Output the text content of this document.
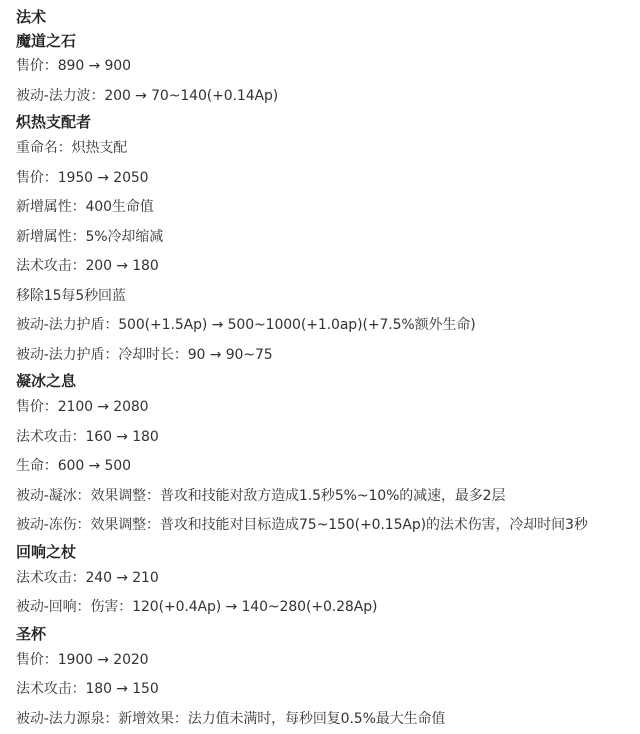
法术
魔道之石
售价：890 → 900
被动-法力波：200 → 70~140(+0.14Ap)
炽热支配者
重命名：炽热支配
售价：1950 → 2050
新增属性：400生命值
新增属性：5%冷却缩减
法术攻击：200 → 180
移除15每5秒回蓝
被动-法力护盾：500(+1.5Ap) → 500~1000(+1.0ap)(+7.5%额外生命)
被动-法力护盾：冷却时长：90 → 90~75
凝冰之息
售价：2100 → 2080
法术攻击：160 → 180
生命：600 → 500
被动-凝冰：效果调整：普攻和技能对敌方造成1.5秒5%~10%的减速，最多2层
被动-冻伤：效果调整：普攻和技能对目标造成75~150(+0.15Ap)的法术伤害，冷却时间3秒
回响之杖
法术攻击：240 → 210
被动-回响：伤害：120(+0.4Ap) → 140~280(+0.28Ap)
圣杯
售价：1900 → 2020
法术攻击：180 → 150
被动-法力源泉：新增效果：法力值未满时，每秒回复0.5%最大生命值
